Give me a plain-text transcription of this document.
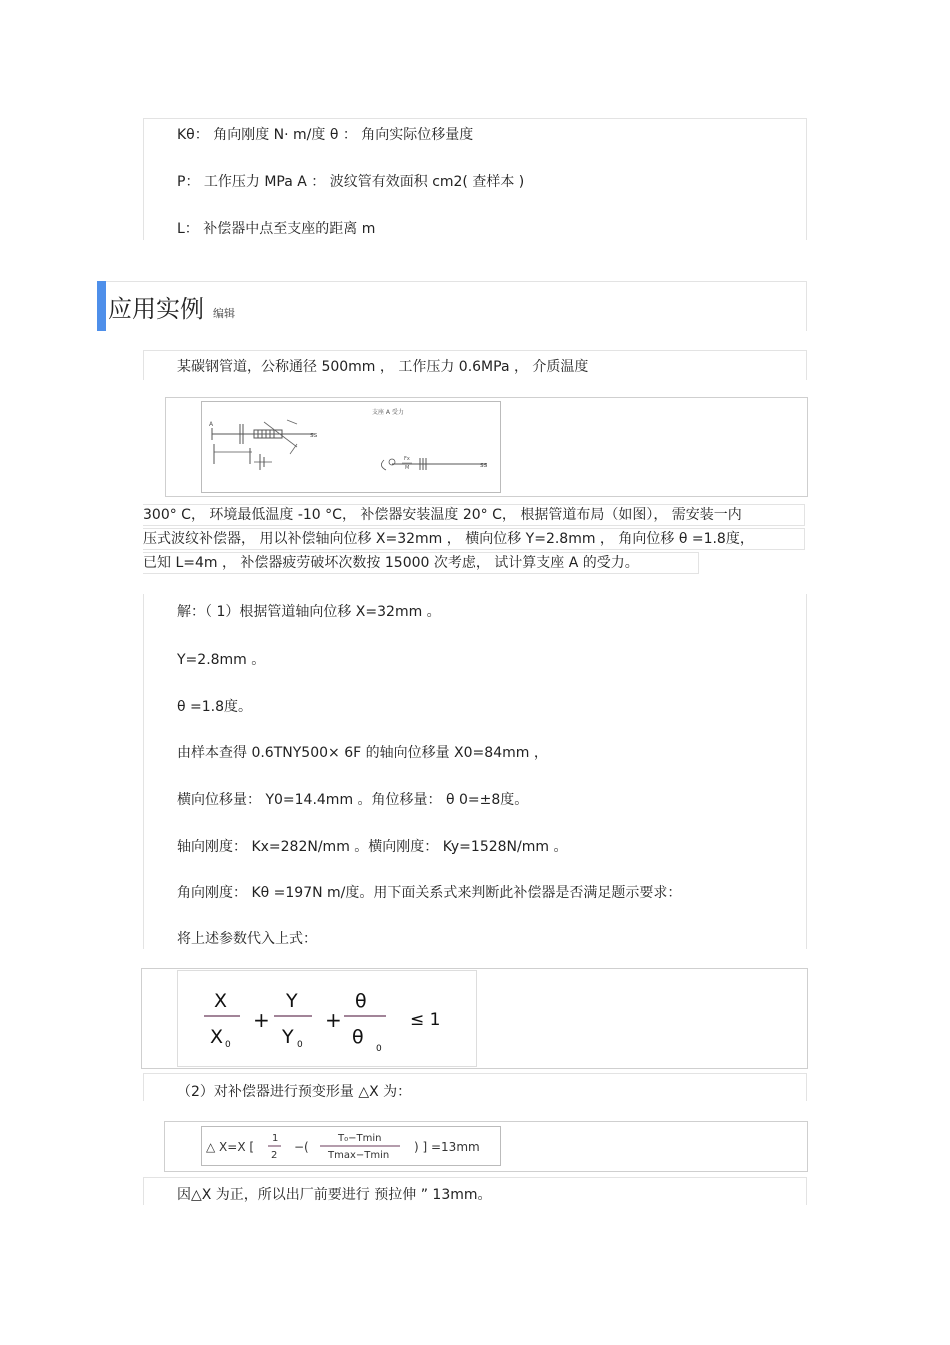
Kθ： 角向刚度 N· m/度 θ ： 角向实际位移量度
P： 工作压力 MPa A ： 波纹管有效面积 cm2( 查样本 )
L： 补偿器中点至支座的距离 m
应用实例 编辑
某碳钢管道，公称通径 500mm ， 工作压力 0.6MPa ， 介质温度
A
ss
支座 A 受力
Fx
M	ss
300° C， 环境最低温度 -10 °C， 补偿器安装温度 20° C， 根据管道布局（如图）， 需安装一内
压式波纹补偿器， 用以补偿轴向位移 X=32mm ， 横向位移 Y=2.8mm ， 角向位移 θ =1.8度，
已知 L=4m ， 补偿器疲劳破坏次数按 15000 次考虑， 试计算支座 A 的受力。
解：（ 1）根据管道轴向位移 X=32mm 。
Y=2.8mm 。
θ =1.8度。
由样本查得 0.6TNY500× 6F 的轴向位移量 X0=84mm ，
横向位移量： Y0=14.4mm 。角位移量： θ 0=±8度。
轴向刚度： Kx=282N/mm 。横向刚度： Ky=1528N/mm 。
角向刚度： Kθ =197N m/度。用下面关系式来判断此补偿器是否满足题示要求：
将上述参数代入上式：
X
X 0
+
Y
Y 0
+
θ
θ
0
≤ 1
（2）对补偿器进行预变形量 △X 为：
△ X=X [
1
2
−(
T₀−Tmin
Tmax−Tmin
) ] =13mm
因△X 为正，所以出厂前要进行 预拉伸 ” 13mm。
